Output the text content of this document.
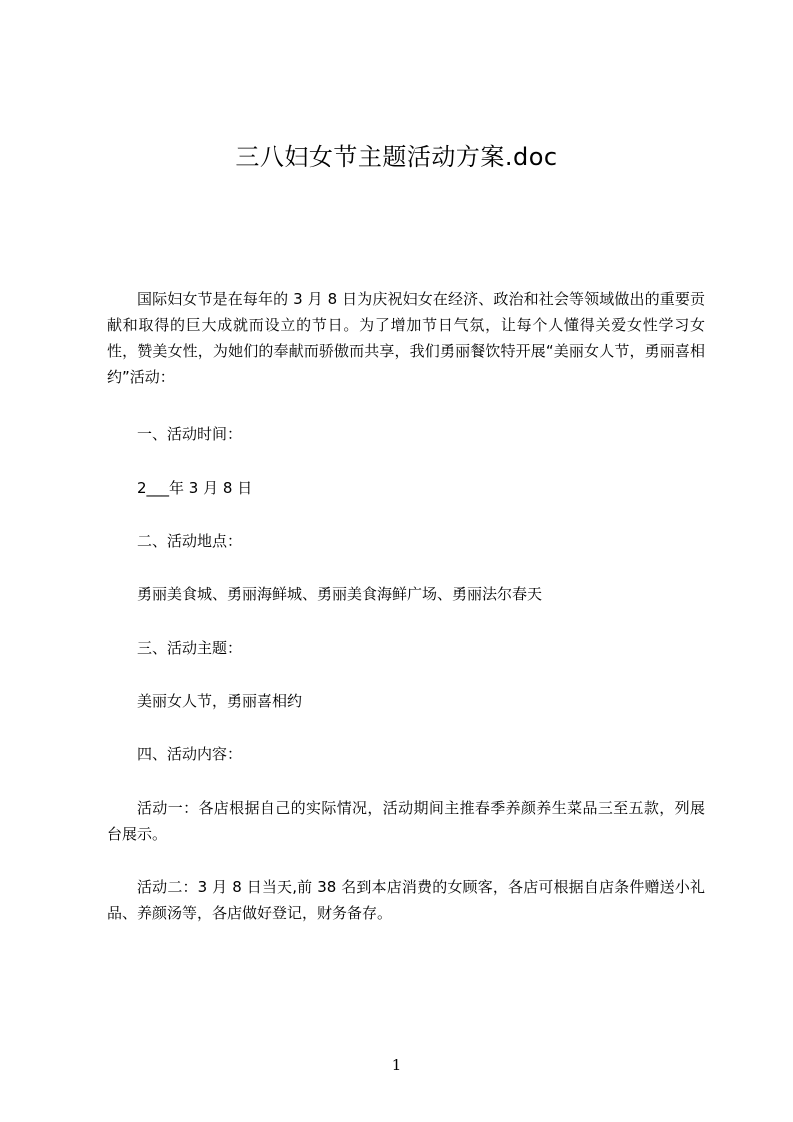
三八妇女节主题活动方案.doc
国际妇女节是在每年的 3 月 8 日为庆祝妇女在经济、政治和社会等领域做出的重要贡献和取得的巨大成就而设立的节日。为了增加节日气氛，让每个人懂得关爱女性学习女性，赞美女性，为她们的奉献而骄傲而共享，我们勇丽餐饮特开展“美丽女人节，勇丽喜相约”活动：
一、活动时间：
2___年 3 月 8 日
二、活动地点：
勇丽美食城、勇丽海鲜城、勇丽美食海鲜广场、勇丽法尔春天
三、活动主题：
美丽女人节，勇丽喜相约
四、活动内容：
活动一：各店根据自己的实际情况，活动期间主推春季养颜养生菜品三至五款，列展台展示。
活动二：3 月 8 日当天,前 38 名到本店消费的女顾客，各店可根据自店条件赠送小礼品、养颜汤等，各店做好登记，财务备存。
1
